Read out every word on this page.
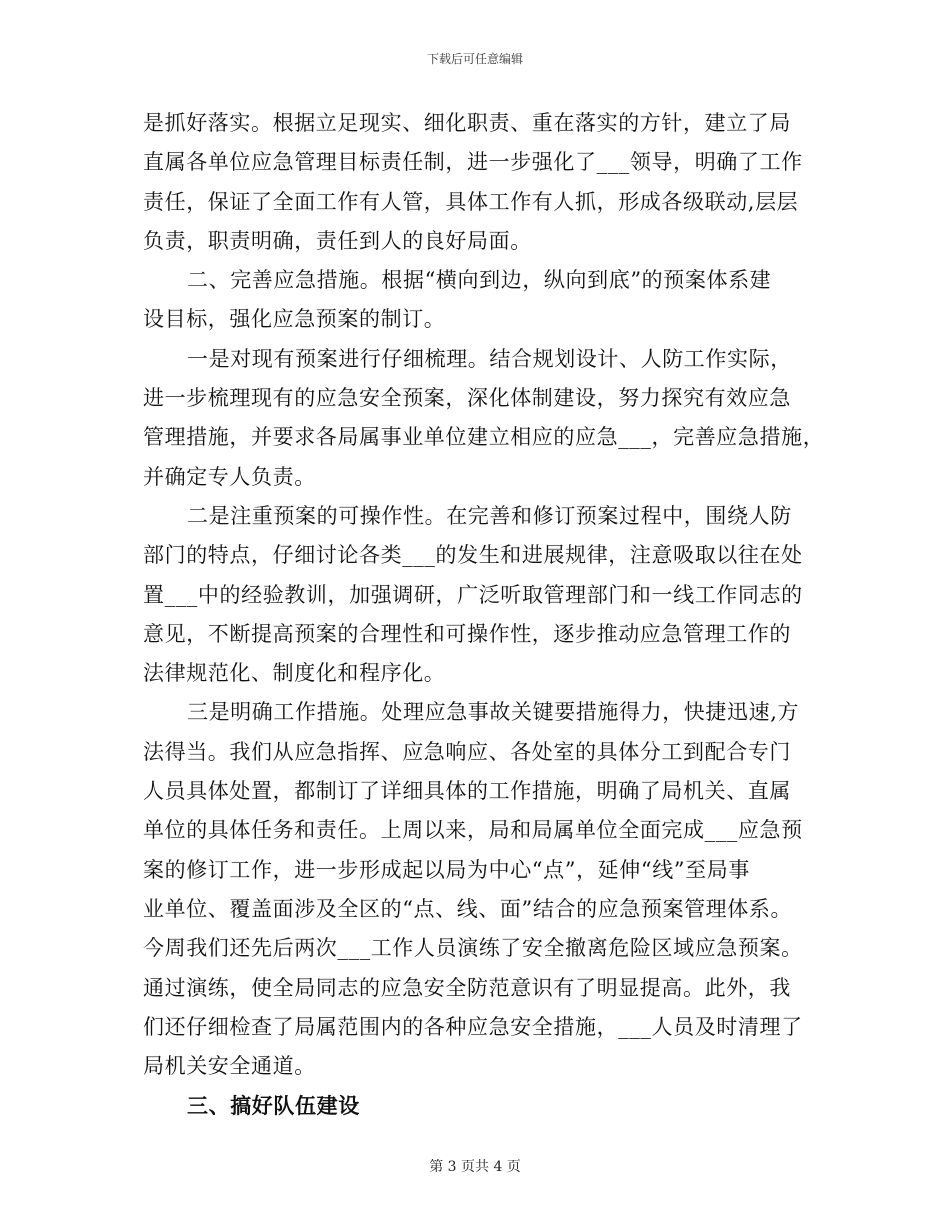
下载后可任意编辑

是抓好落实。根据立足现实、细化职责、重在落实的方针，建立了局
直属各单位应急管理目标责任制，进一步强化了___领导，明确了工作
责任，保证了全面工作有人管，具体工作有人抓，形成各级联动,层层
负责，职责明确，责任到人的良好局面。

二、完善应急措施。根据“横向到边，纵向到底”的预案体系建
设目标，强化应急预案的制订。

一是对现有预案进行仔细梳理。结合规划设计、人防工作实际，
进一步梳理现有的应急安全预案，深化体制建设，努力探究有效应急
管理措施，并要求各局属事业单位建立相应的应急___，完善应急措施，
并确定专人负责。

二是注重预案的可操作性。在完善和修订预案过程中，围绕人防
部门的特点，仔细讨论各类___的发生和进展规律，注意吸取以往在处
置___中的经验教训，加强调研，广泛听取管理部门和一线工作同志的
意见，不断提高预案的合理性和可操作性，逐步推动应急管理工作的
法律规范化、制度化和程序化。

三是明确工作措施。处理应急事故关键要措施得力，快捷迅速,方
法得当。我们从应急指挥、应急响应、各处室的具体分工到配合专门
人员具体处置，都制订了详细具体的工作措施，明确了局机关、直属
单位的具体任务和责任。上周以来，局和局属单位全面完成___应急预
案的修订工作，进一步形成起以局为中心“点”，延伸“线”至局事
业单位、覆盖面涉及全区的“点、线、面”结合的应急预案管理体系。
今周我们还先后两次___工作人员演练了安全撤离危险区域应急预案。
通过演练，使全局同志的应急安全防范意识有了明显提高。此外，我
们还仔细检查了局属范围内的各种应急安全措施，___人员及时清理了
局机关安全通道。

三、搞好队伍建设
第 3 页共 4 页
